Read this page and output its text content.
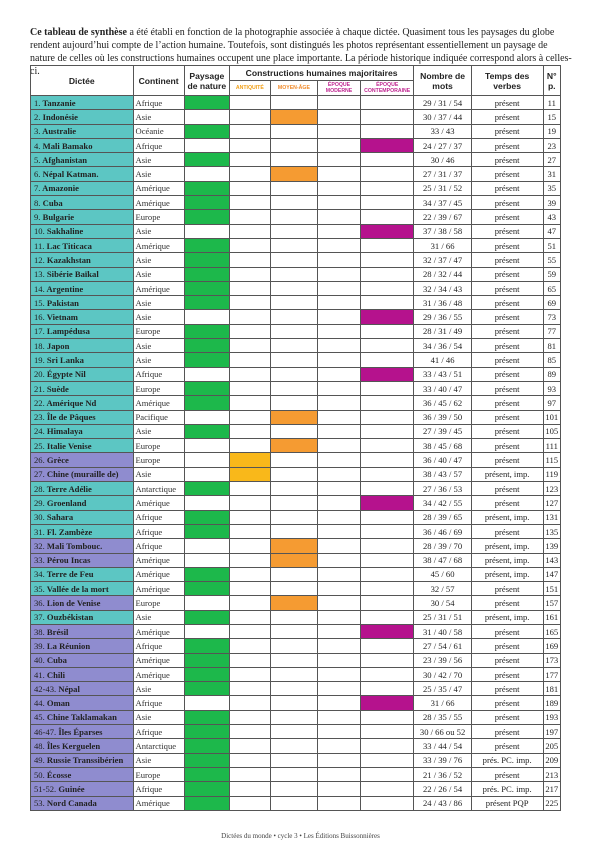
Ce tableau de synthèse a été établi en fonction de la photographie associée à chaque dictée. Quasiment tous les paysages du globe rendent aujourd’hui compte de l’action humaine. Toutefois, sont distingués les photos représentant essentiellement un paysage de nature de celles où les constructions humaines occupent une place importante. La période historique indiquée correspond alors à celles-ci.

Dictée	Continent	Paysage de nature	Constructions humaines majoritaires				Nombre de mots	Temps des verbes	N° p.
			ANTIQUITÉ	MOYEN-ÂGE	ÉPOQUE MODERNE	ÉPOQUE CONTEMPORAINE			
1. Tanzanie	Afrique						29 / 31 / 54	présent	11
2. Indonésie	Asie						30 / 37 / 44	présent	15
3. Australie	Océanie						33 / 43	présent	19
4. Mali Bamako	Afrique						24 / 27 / 37	présent	23
5. Afghanistan	Asie						30 / 46	présent	27
6. Népal Katman.	Asie						27 / 31 / 37	présent	31
7. Amazonie	Amérique						25 / 31 / 52	présent	35
8. Cuba	Amérique						34 / 37 / 45	présent	39
9. Bulgarie	Europe						22 / 39 / 67	présent	43
10. Sakhaline	Asie						37 / 38 / 58	présent	47
11. Lac Titicaca	Amérique						31 / 66	présent	51
12. Kazakhstan	Asie						32 / 37 / 47	présent	55
13. Sibérie Baïkal	Asie						28 / 32 / 44	présent	59
14. Argentine	Amérique						32 / 34 / 43	présent	65
15. Pakistan	Asie						31 / 36 / 48	présent	69
16. Vietnam	Asie						29 / 36 / 55	présent	73
17. Lampédusa	Europe						28 / 31 / 49	présent	77
18. Japon	Asie						34 / 36 / 54	présent	81
19. Sri Lanka	Asie						41 / 46	présent	85
20. Égypte Nil	Afrique						33 / 43 / 51	présent	89
21. Suède	Europe						33 / 40 / 47	présent	93
22. Amérique Nd	Amérique						36 / 45 / 62	présent	97
23. Île de Pâques	Pacifique						36 / 39 / 50	présent	101
24. Himalaya	Asie						27 / 39 / 45	présent	105
25. Italie Venise	Europe						38 / 45 / 68	présent	111
26. Grèce	Europe						36 / 40 / 47	présent	115
27. Chine (muraille de)	Asie						38 / 43 / 57	présent, imp.	119
28. Terre Adélie	Antarctique						27 / 36 / 53	présent	123
29. Groenland	Amérique						34 / 42 / 55	présent	127
30. Sahara	Afrique						28 / 39 / 65	présent, imp.	131
31. Fl. Zambèze	Afrique						36 / 46 / 69	présent	135
32. Mali Tombouc.	Afrique						28 / 39 / 70	présent, imp.	139
33. Pérou Incas	Amérique						38 / 47 / 68	présent, imp.	143
34. Terre de Feu	Amérique						45 / 60	présent, imp.	147
35. Vallée de la mort	Amérique						32 / 57	présent	151
36. Lion de Venise	Europe						30 / 54	présent	157
37. Ouzbékistan	Asie						25 / 31 / 51	présent, imp.	161
38. Brésil	Amérique						31 / 40 / 58	présent	165
39. La Réunion	Afrique						27 / 54 / 61	présent	169
40. Cuba	Amérique						23 / 39 / 56	présent	173
41. Chili	Amérique						30 / 42 / 70	présent	177
42-43. Népal	Asie						25 / 35 / 47	présent	181
44. Oman	Afrique						31 / 66	présent	189
45. Chine Taklamakan	Asie						28 / 35 / 55	présent	193
46-47. Îles Éparses	Afrique						30 / 66 ou 52	présent	197
48. Îles Kerguelen	Antarctique						33 / 44 / 54	présent	205
49. Russie Transsibérien	Asie						33 / 39 / 76	prés. PC. imp.	209
50. Écosse	Europe						21 / 36 / 52	présent	213
51-52. Guinée	Afrique						22 / 26 / 54	prés. PC. imp.	217
53. Nord Canada	Amérique						24 / 43 / 86	présent PQP	225
Dictées du monde • cycle 3 • Les Éditions Buissonnières
